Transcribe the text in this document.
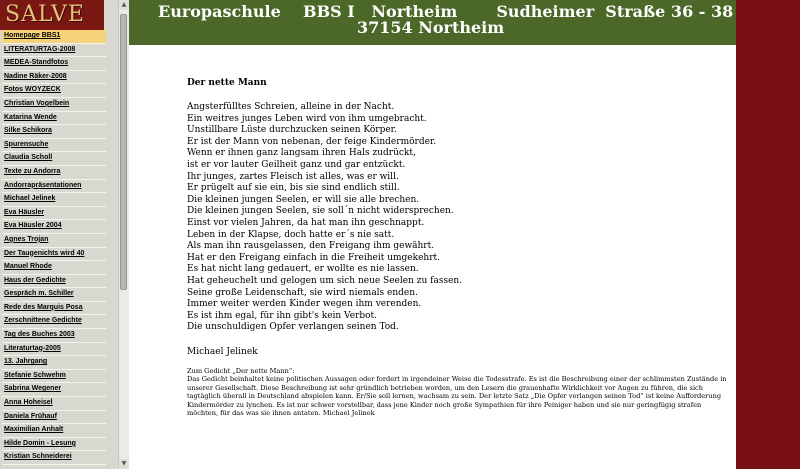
SALVE
Homepage BBS1
LITERATURTAG-2008
MEDEA-Standfotos
Nadine Räker-2008
Fotos WOYZECK
Christian Vogelbein
Katarina Wende
Silke Schikora
Spurensuche
Claudia Scholl
Texte zu Andorra
Andorrapräsentationen
Michael Jelinek
Eva Häusler
Eva Häusler 2004
Agnes Trojan
Der Taugenichts wird 40
Manuel Rhode
Haus der Gedichte
Gespräch m. Schiller
Rede des Marquis Posa
Zerschnittene Gedichte
Tag des Buches 2003
Literaturtag-2005
13. Jahrgang
Stefanie Schwehm
Sabrina Wegener
Anna Hoheisel
Daniela Frühauf
Maximilian Anhalt
Hilde Domin - Lesung
Kristian Schneiderei
▲
▼
Europaschule    BBS I   Northeim       Sudheimer  Straße 36 - 38
37154 Northeim
Der nette Mann
Angsterfülltes Schreien, alleine in der Nacht.
Ein weitres junges Leben wird von ihm umgebracht.
Unstillbare Lüste durchzucken seinen Körper.
Er ist der Mann von nebenan, der feige Kindermörder.
Wenn er ihnen ganz langsam ihren Hals zudrückt,
ist er vor lauter Geilheit ganz und gar entzückt.
Ihr junges, zartes Fleisch ist alles, was er will.
Er prügelt auf sie ein, bis sie sind endlich still.
Die kleinen jungen Seelen, er will sie alle brechen.
Die kleinen jungen Seelen, sie soll´n nicht widersprechen.
Einst vor vielen Jahren, da hat man ihn geschnappt.
Leben in der Klapse, doch hatte er´s nie satt.
Als man ihn rausgelassen, den Freigang ihm gewährt.
Hat er den Freigang einfach in die Freiheit umgekehrt.
Es hat nicht lang gedauert, er wollte es nie lassen.
Hat geheuchelt und gelogen um sich neue Seelen zu fassen.
Seine große Leidenschaft, sie wird niemals enden.
Immer weiter werden Kinder wegen ihm verenden.
Es ist ihm egal, für ihn gibt's kein Verbot.
Die unschuldigen Opfer verlangen seinen Tod.
Michael Jelinek
Zum Gedicht „Der nette Mann“:
Das Gedicht beinhaltet keine politischen Aussagen oder fordert in irgendeiner Weise die Todesstrafe. Es ist die Beschreibung einer der schlimmsten Zustände in unserer Gesellschaft. Diese Beschreibung ist sehr gründlich betrieben worden, um den Lesern die grauenhafte Wirklichkeit vor Augen zu führen, die sich tagtäglich überall in Deutschland abspielen kann. Er/Sie soll lernen, wachsam zu sein. Der letzte Satz „Die Opfer verlangen seinen Tod“ ist keine Aufforderung Kindermörder zu lynchen. Es ist nur schwer vorstellbar, dass jene Kinder noch große Sympathien für ihre Peiniger haben und sie nur geringfügig strafen möchten, für das was sie ihnen antaten. Michael Jelinek
